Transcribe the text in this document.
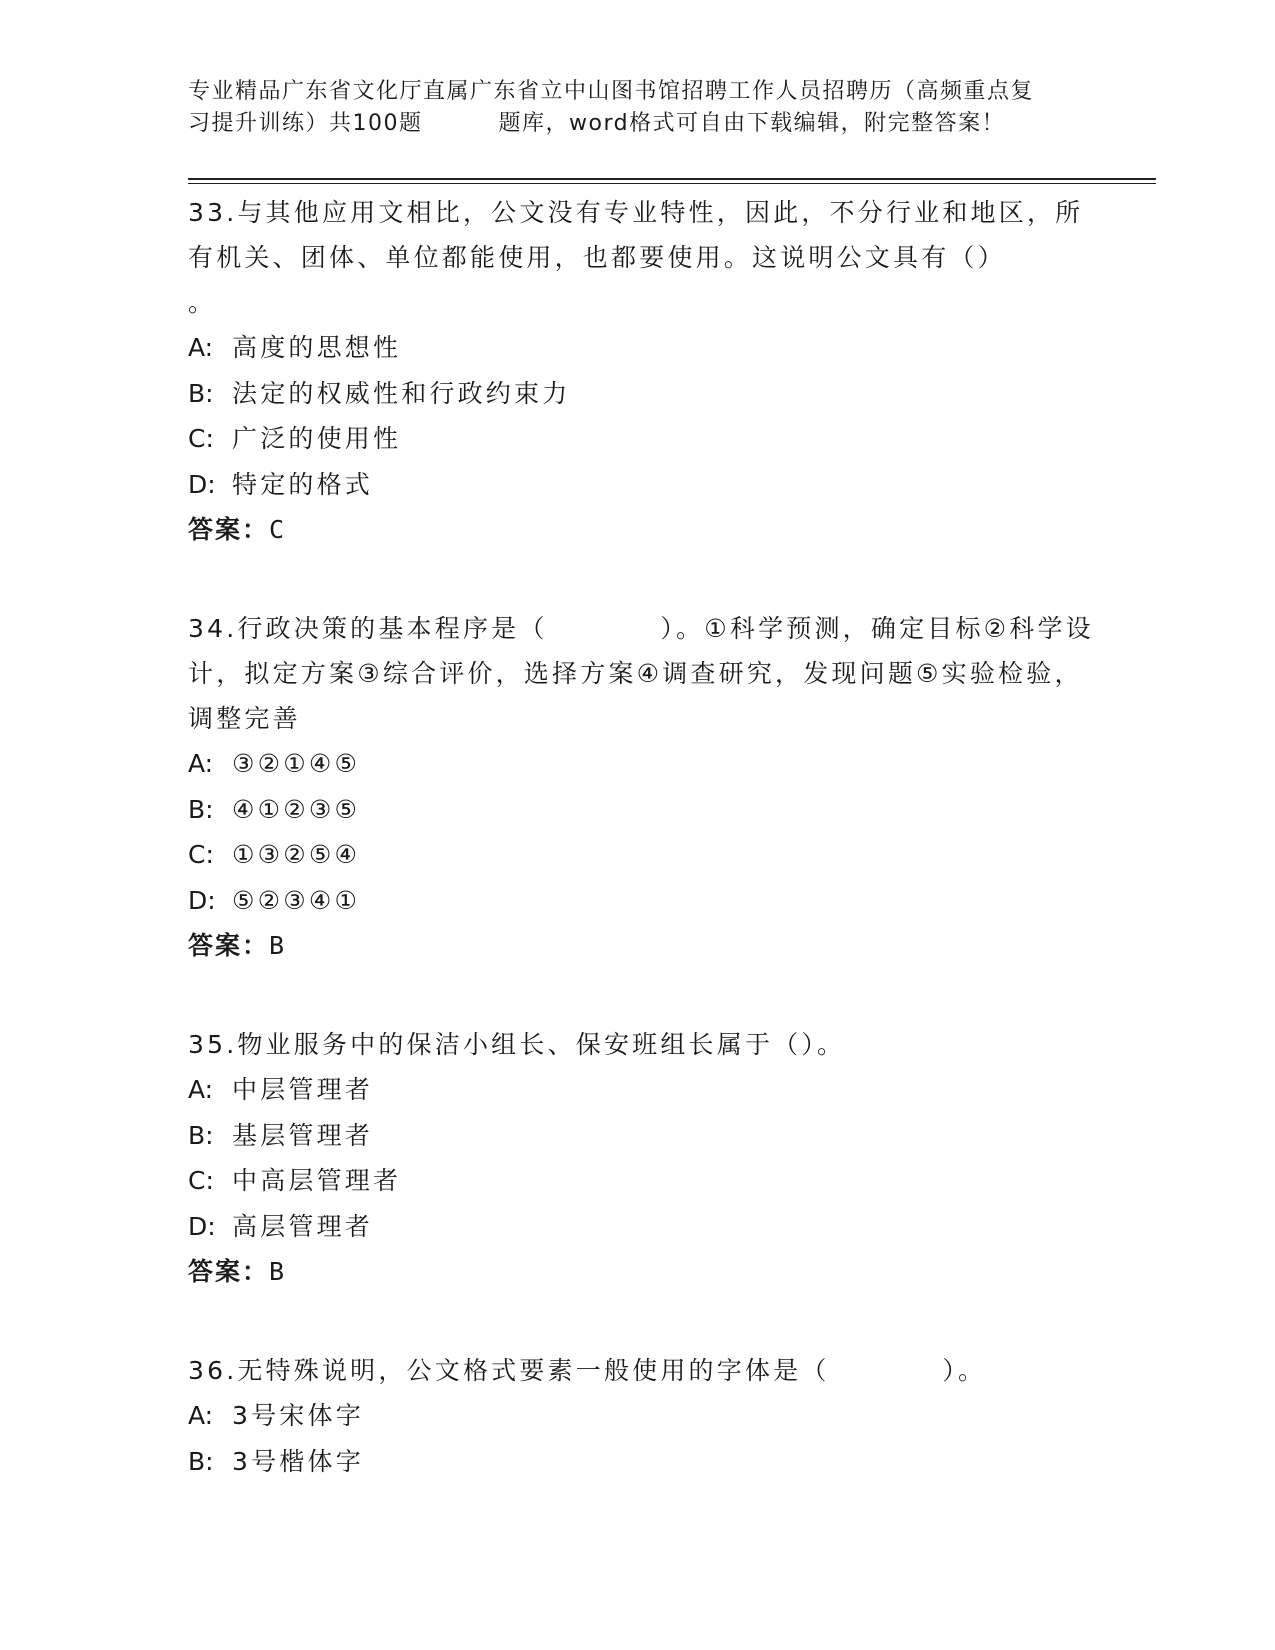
专业精品广东省文化厅直属广东省立中山图书馆招聘工作人员招聘历（高频重点复
习提升训练）共100题	题库，word格式可自由下载编辑，附完整答案！

33.与其他应用文相比，公文没有专业特性，因此，不分行业和地区，所有机关、团体、单位都能使用，也都要使用。这说明公文具有（）
。

A: 高度的思想性

B: 法定的权威性和行政约束力

C: 广泛的使用性

D: 特定的格式

答案：C

34.行政决策的基本程序是（　　　　）。①科学预测，确定目标②科学设计，拟定方案③综合评价，选择方案④调查研究，发现问题⑤实验检验，调整完善

A: ③②①④⑤

B: ④①②③⑤

C: ①③②⑤④

D: ⑤②③④①

答案：B

35.物业服务中的保洁小组长、保安班组长属于（）。

A: 中层管理者

B: 基层管理者

C: 中高层管理者

D: 高层管理者

答案：B

36.无特殊说明，公文格式要素一般使用的字体是（　　　　）。

A: 3号宋体字

B: 3号楷体字
